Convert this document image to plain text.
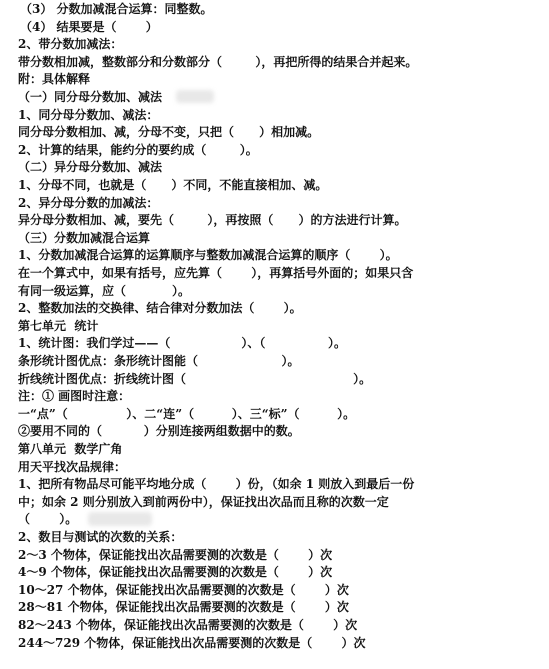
（3） 分数加减混合运算：同整数。
（4） 结果要是（       ）
2、带分数加减法：
带分数相加减，整数部分和分数部分（        ），再把所得的结果合并起来。
附：具体解释
（一）同分母分数加、减法
1、同分母分数加、减法：
同分母分数相加、减，分母不变，只把（      ）相加减。
2、计算的结果，能约分的要约成（        ）。
（二）异分母分数加、减法
1、分母不同，也就是（      ）不同，不能直接相加、减。
2、异分母分数的加减法：
异分母分数相加、减，要先（        ），再按照（      ）的方法进行计算。
（三）分数加减混合运算
1、分数加减混合运算的运算顺序与整数加减混合运算的顺序（       ）。
在一个算式中，如果有括号，应先算（       ），再算括号外面的；如果只含
有同一级运算，应（           ）。
2、整数加法的交换律、结合律对分数加法（       ）。
第七单元  统计
1、统计图：我们学过——（                 ）、（               ）。
条形统计图优点：条形统计图能（                    ）。
折线统计图优点：折线统计图（                                        ）。
注：① 画图时注意：
一“点”（              ）、二“连”（         ）、三“标”（         ）。
②要用不同的（          ）分别连接两组数据中的数。
第八单元  数学广角
用天平找次品规律：
1、把所有物品尽可能平均地分成（       ）份，（如余 1 则放入到最后一份
中；如余 2 则分别放入到前两份中），保证找出次品而且称的次数一定
（       ）。
2、数目与测试的次数的关系：
2～3 个物体，保证能找出次品需要测的次数是（       ）次
4～9 个物体，保证能找出次品需要测的次数是（       ）次
10～27 个物体，保证能找出次品需要测的次数是（       ）次
28～81 个物体，保证能找出次品需要测的次数是（       ）次
82～243 个物体，保证能找出次品需要测的次数是（       ）次
244～729 个物体，保证能找出次品需要测的次数是（       ）次
